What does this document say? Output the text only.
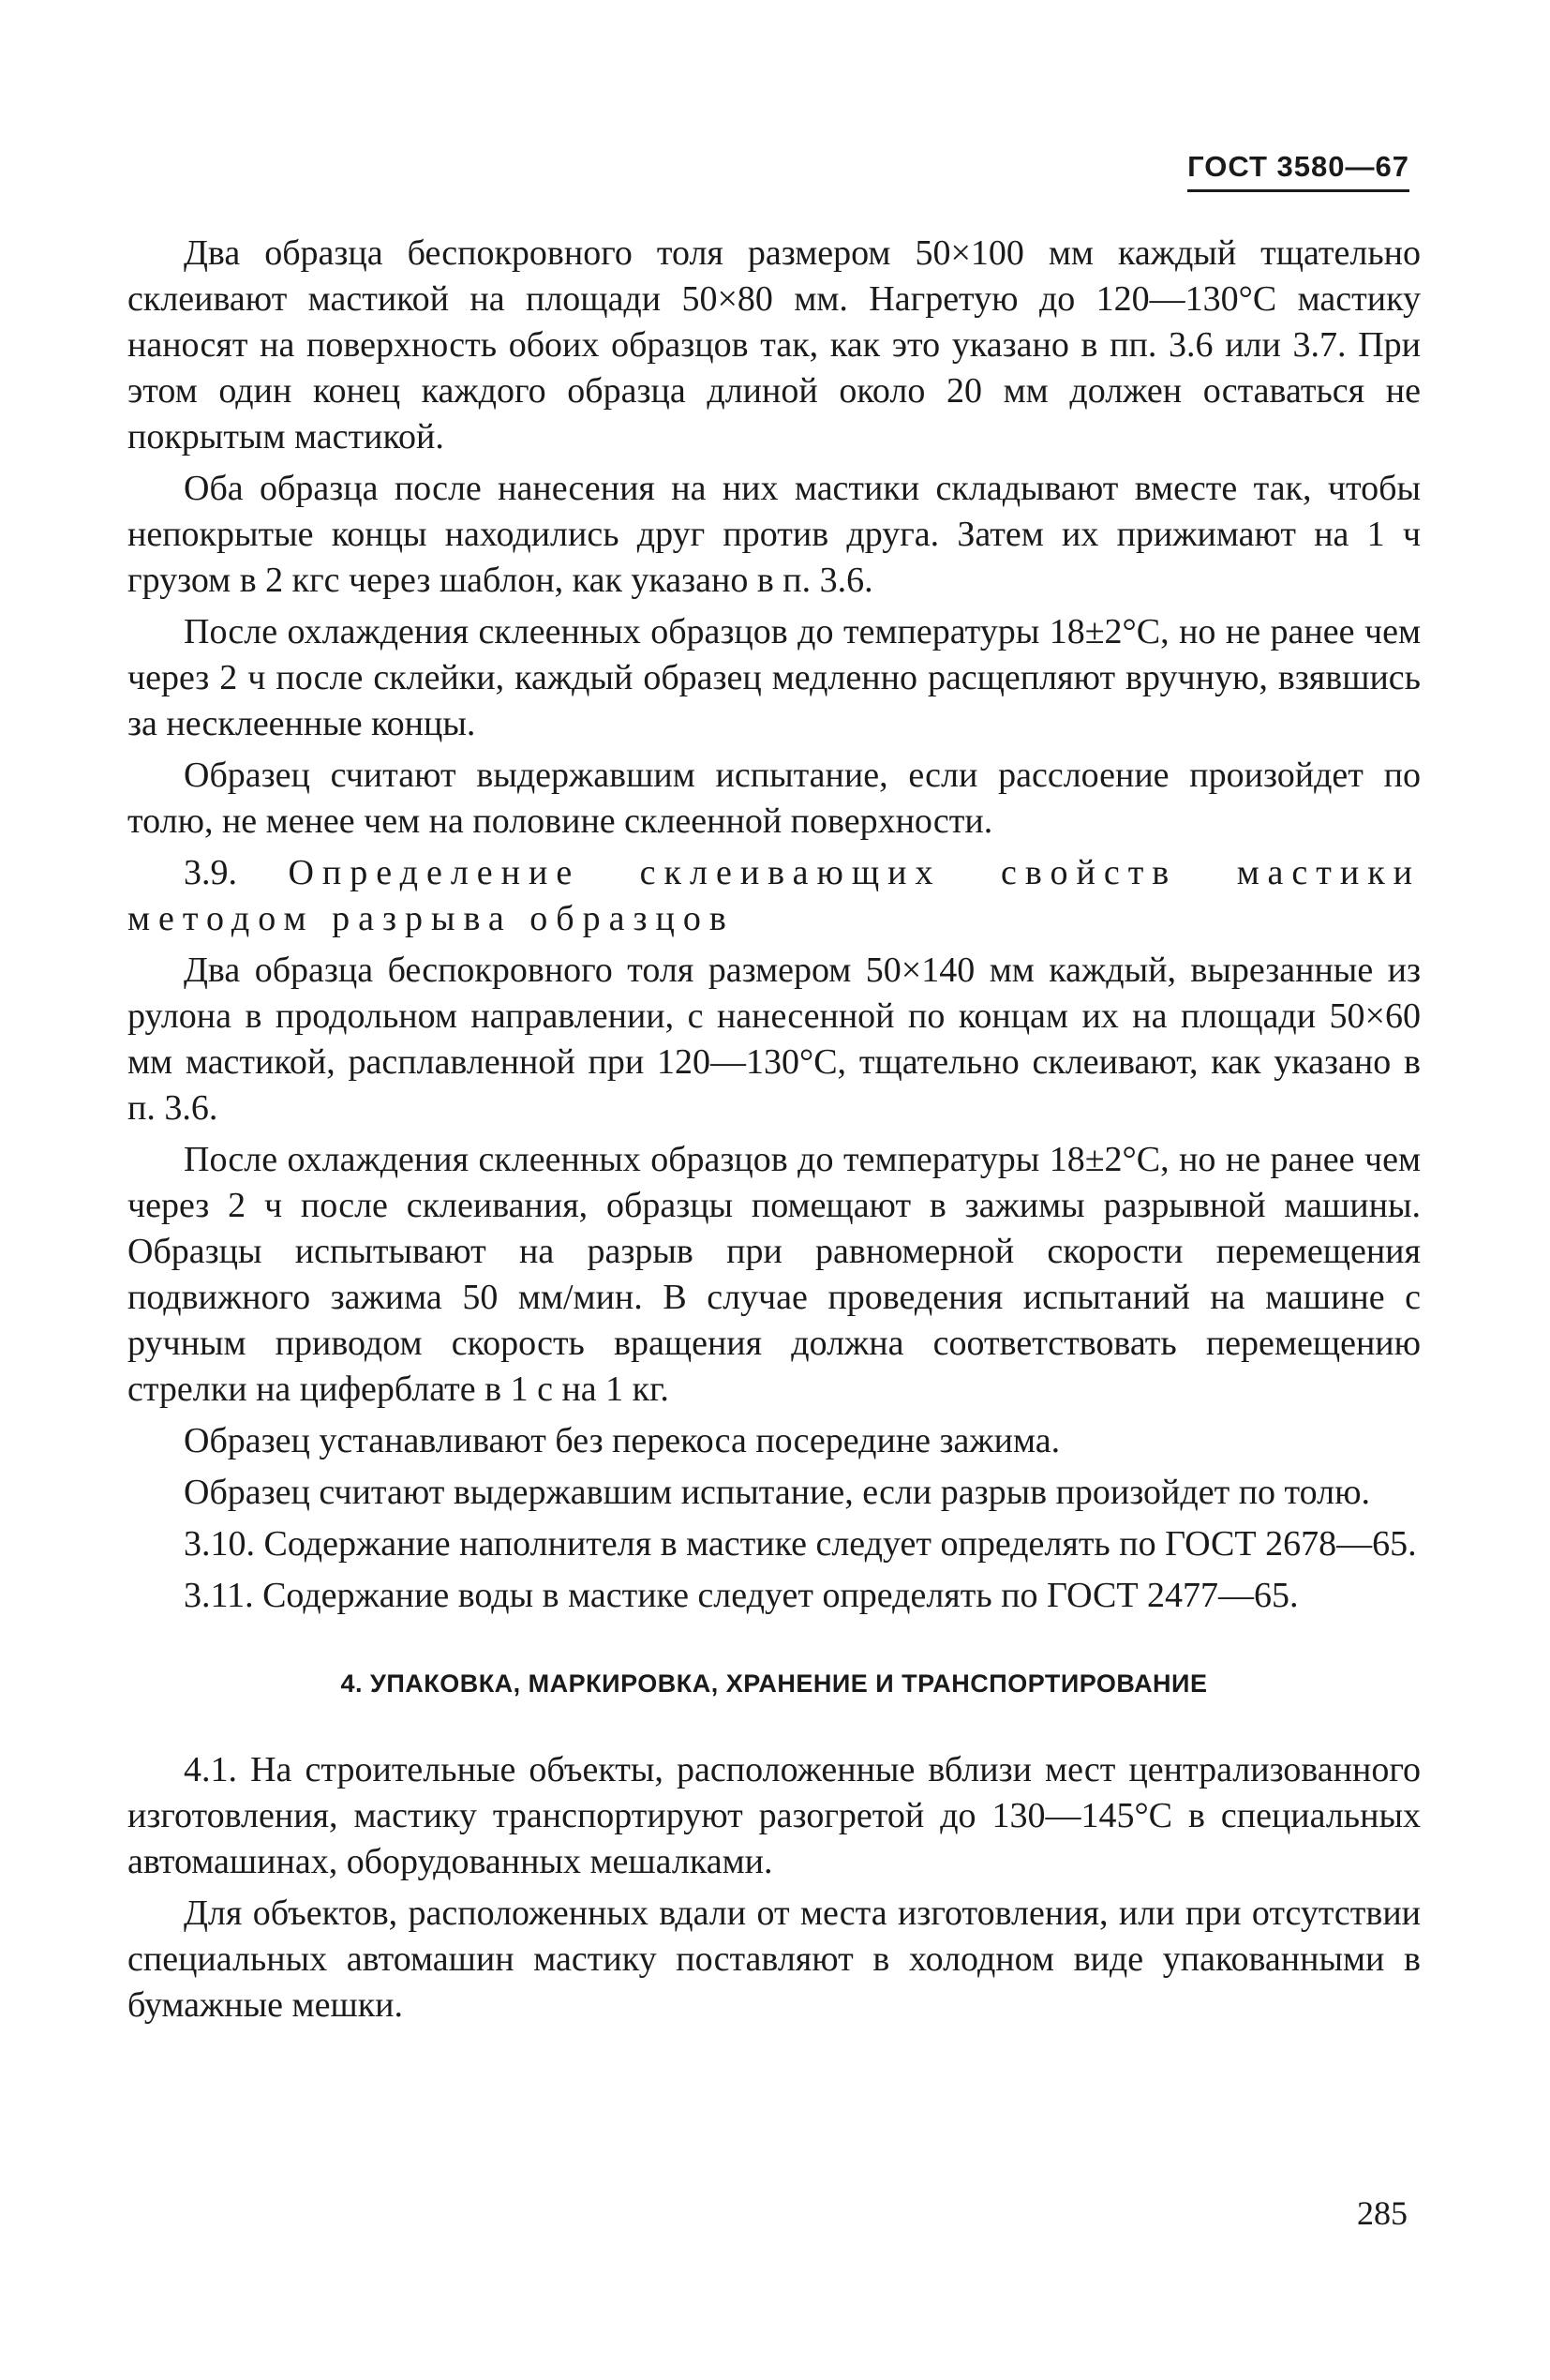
ГОСТ 3580—67

Два образца беспокровного толя размером 50×100 мм каждый тщательно склеивают мастикой на площади 50×80 мм. Нагретую до 120—130°С мастику наносят на поверхность обоих образцов так, как это указано в пп. 3.6 или 3.7. При этом один конец каждого образца длиной около 20 мм должен оставаться не покрытым мастикой.

Оба образца после нанесения на них мастики складывают вместе так, чтобы непокрытые концы находились друг против друга. Затем их прижимают на 1 ч грузом в 2 кгс через шаблон, как указано в п. 3.6.

После охлаждения склеенных образцов до температуры 18±2°С, но не ранее чем через 2 ч после склейки, каждый образец медленно расщепляют вручную, взявшись за несклеенные концы.

Образец считают выдержавшим испытание, если расслоение произойдет по толю, не менее чем на половине склеенной поверхности.

3.9. Определение склеивающих свойств мастики методом разрыва образцов

Два образца беспокровного толя размером 50×140 мм каждый, вырезанные из рулона в продольном направлении, с нанесенной по концам их на площади 50×60 мм мастикой, расплавленной при 120—130°С, тщательно склеивают, как указано в п. 3.6.

После охлаждения склеенных образцов до температуры 18±2°С, но не ранее чем через 2 ч после склеивания, образцы помещают в зажимы разрывной машины. Образцы испытывают на разрыв при равномерной скорости перемещения подвижного зажима 50 мм/мин. В случае проведения испытаний на машине с ручным приводом скорость вращения должна соответствовать перемещению стрелки на циферблате в 1 с на 1 кг.

Образец устанавливают без перекоса посередине зажима.

Образец считают выдержавшим испытание, если разрыв произойдет по толю.

3.10. Содержание наполнителя в мастике следует определять по ГОСТ 2678—65.

3.11. Содержание воды в мастике следует определять по ГОСТ 2477—65.

4. УПАКОВКА, МАРКИРОВКА, ХРАНЕНИЕ И ТРАНСПОРТИРОВАНИЕ

4.1. На строительные объекты, расположенные вблизи мест централизованного изготовления, мастику транспортируют разогретой до 130—145°С в специальных автомашинах, оборудованных мешалками.

Для объектов, расположенных вдали от места изготовления, или при отсутствии специальных автомашин мастику поставляют в холодном виде упакованными в бумажные мешки.

285
